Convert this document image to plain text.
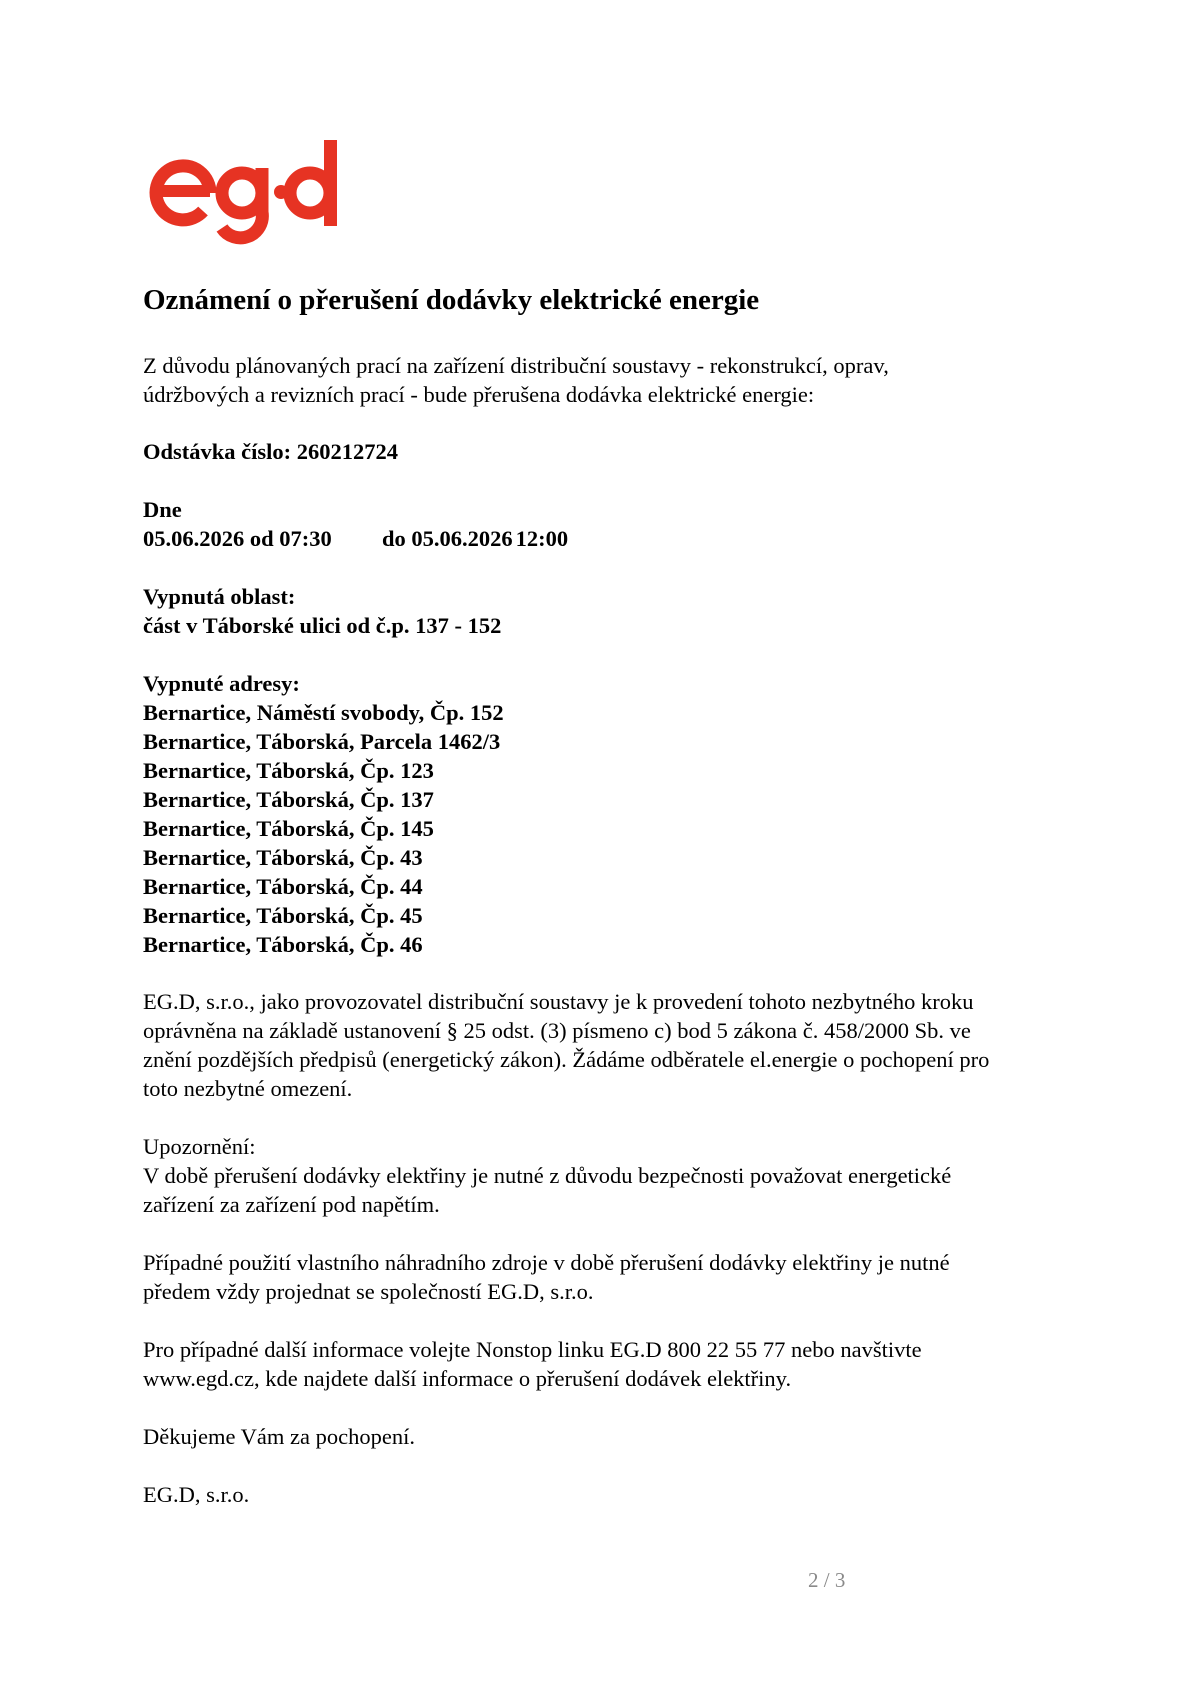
Oznámení o přerušení dodávky elektrické energie
Z důvodu plánovaných prací na zařízení distribuční soustavy - rekonstrukcí, oprav,
údržbových a revizních prací - bude přerušena dodávka elektrické energie:
Odstávka číslo: 260212724
Dne
05.06.2026 od 07:30 do 05.06.2026 12:00
Vypnutá oblast:
část v Táborské ulici od č.p. 137 - 152
Vypnuté adresy:
Bernartice, Náměstí svobody, Čp. 152
Bernartice, Táborská, Parcela 1462/3
Bernartice, Táborská, Čp. 123
Bernartice, Táborská, Čp. 137
Bernartice, Táborská, Čp. 145
Bernartice, Táborská, Čp. 43
Bernartice, Táborská, Čp. 44
Bernartice, Táborská, Čp. 45
Bernartice, Táborská, Čp. 46
EG.D, s.r.o., jako provozovatel distribuční soustavy je k provedení tohoto nezbytného kroku
oprávněna na základě ustanovení § 25 odst. (3) písmeno c) bod 5 zákona č. 458/2000 Sb. ve
znění pozdějších předpisů (energetický zákon). Žádáme odběratele el.energie o pochopení pro
toto nezbytné omezení.
Upozornění:
V době přerušení dodávky elektřiny je nutné z důvodu bezpečnosti považovat energetické
zařízení za zařízení pod napětím.
Případné použití vlastního náhradního zdroje v době přerušení dodávky elektřiny je nutné
předem vždy projednat se společností EG.D, s.r.o.
Pro případné další informace volejte Nonstop linku EG.D 800 22 55 77 nebo navštivte
www.egd.cz, kde najdete další informace o přerušení dodávek elektřiny.
Děkujeme Vám za pochopení.
EG.D, s.r.o.
2 / 3
